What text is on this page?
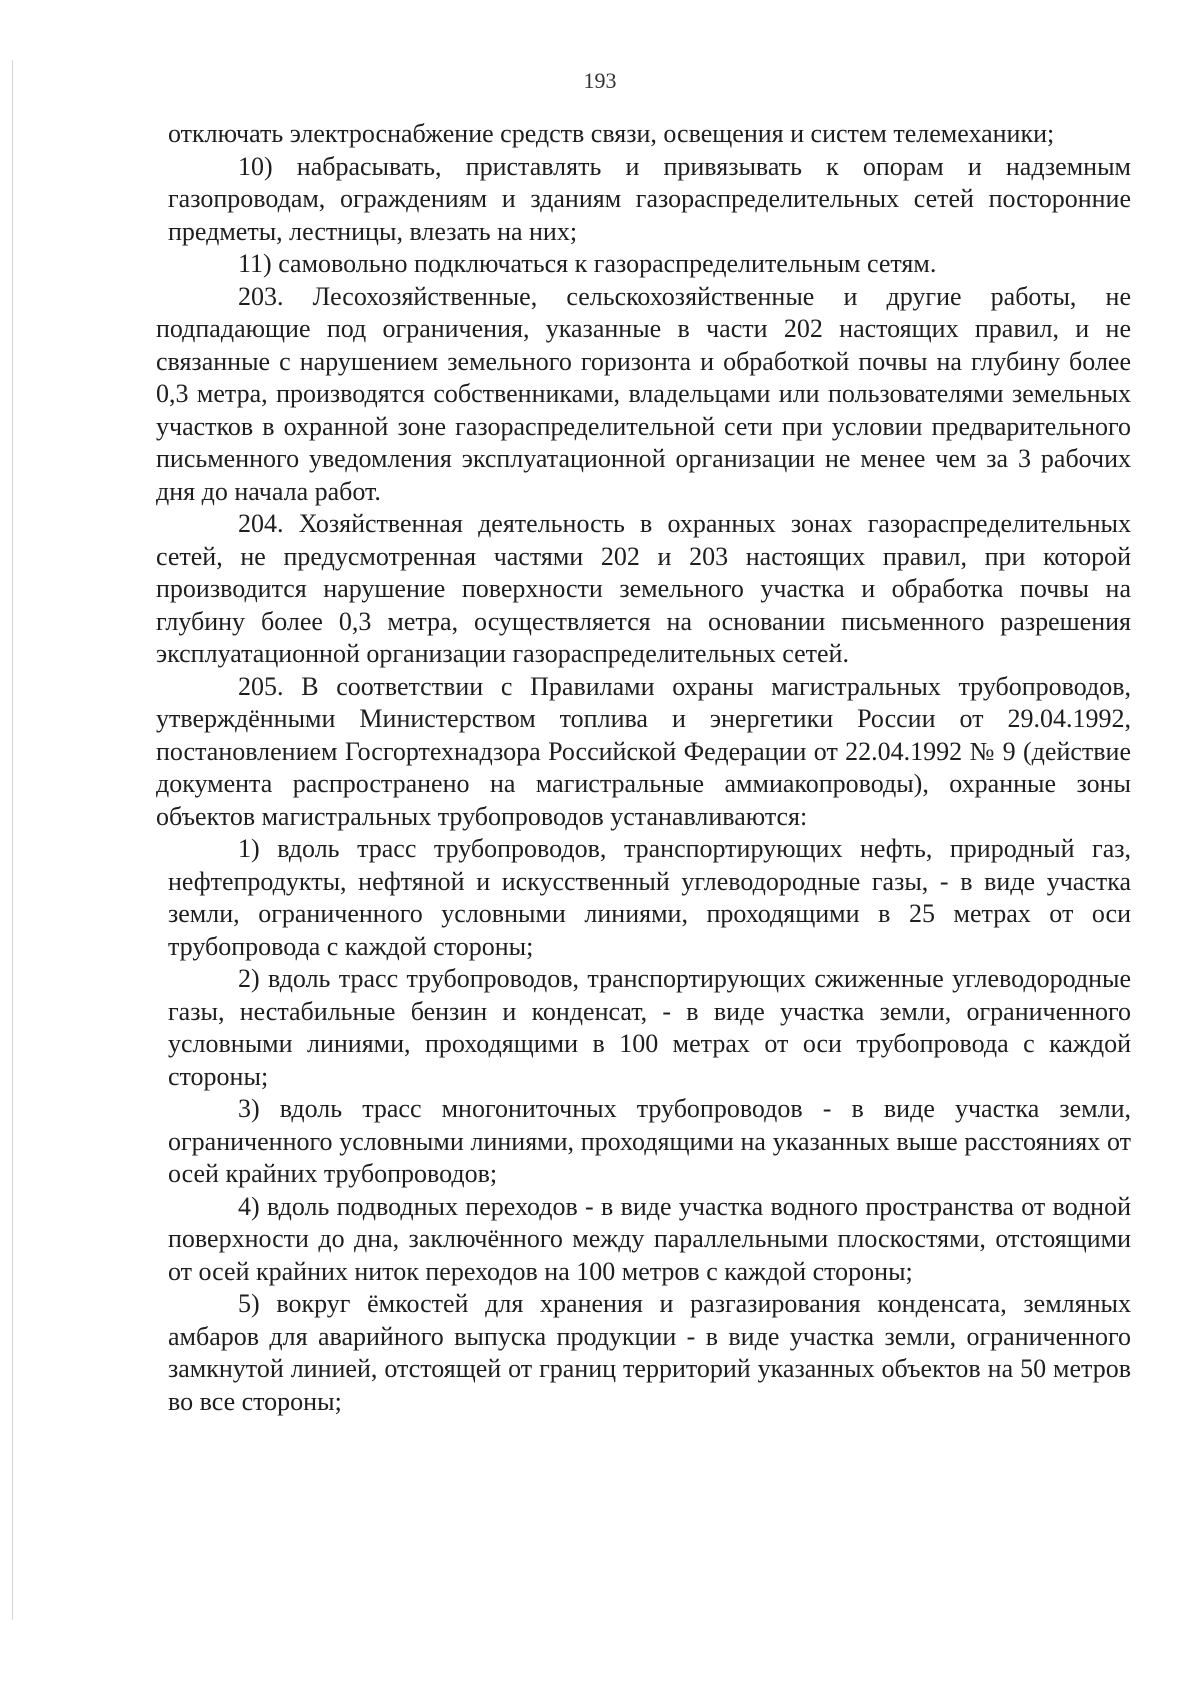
193

отключать электроснабжение средств связи, освещения и систем телемеханики;

10) набрасывать, приставлять и привязывать к опорам и надземным газопроводам, ограждениям и зданиям газораспределительных сетей посторонние предметы, лестницы, влезать на них;

11) самовольно подключаться к газораспределительным сетям.

203. Лесохозяйственные, сельскохозяйственные и другие работы, не подпадающие под ограничения, указанные в части 202 настоящих правил, и не связанные с нарушением земельного горизонта и обработкой почвы на глубину более 0,3 метра, производятся собственниками, владельцами или пользователями земельных участков в охранной зоне газораспределительной сети при условии предварительного письменного уведомления эксплуатационной организации не менее чем за 3 рабочих дня до начала работ.

204. Хозяйственная деятельность в охранных зонах газораспределительных сетей, не предусмотренная частями 202 и 203 настоящих правил, при которой производится нарушение поверхности земельного участка и обработка почвы на глубину более 0,3 метра, осуществляется на основании письменного разрешения эксплуатационной организации газораспределительных сетей.

205. В соответствии с Правилами охраны магистральных трубопроводов, утверждёнными Министерством топлива и энергетики России от 29.04.1992, постановлением Госгортехнадзора Российской Федерации от 22.04.1992 № 9 (действие документа распространено на магистральные аммиакопроводы), охранные зоны объектов магистральных трубопроводов устанавливаются:

1) вдоль трасс трубопроводов, транспортирующих нефть, природный газ, нефтепродукты, нефтяной и искусственный углеводородные газы, - в виде участка земли, ограниченного условными линиями, проходящими в 25 метрах от оси трубопровода с каждой стороны;

2) вдоль трасс трубопроводов, транспортирующих сжиженные углеводородные газы, нестабильные бензин и конденсат, - в виде участка земли, ограниченного условными линиями, проходящими в 100 метрах от оси трубопровода с каждой стороны;

3) вдоль трасс многониточных трубопроводов - в виде участка земли, ограниченного условными линиями, проходящими на указанных выше расстояниях от осей крайних трубопроводов;

4) вдоль подводных переходов - в виде участка водного пространства от водной поверхности до дна, заключённого между параллельными плоскостями, отстоящими от осей крайних ниток переходов на 100 метров с каждой стороны;

5) вокруг ёмкостей для хранения и разгазирования конденсата, земляных амбаров для аварийного выпуска продукции - в виде участка земли, ограниченного замкнутой линией, отстоящей от границ территорий указанных объектов на 50 метров во все стороны;
